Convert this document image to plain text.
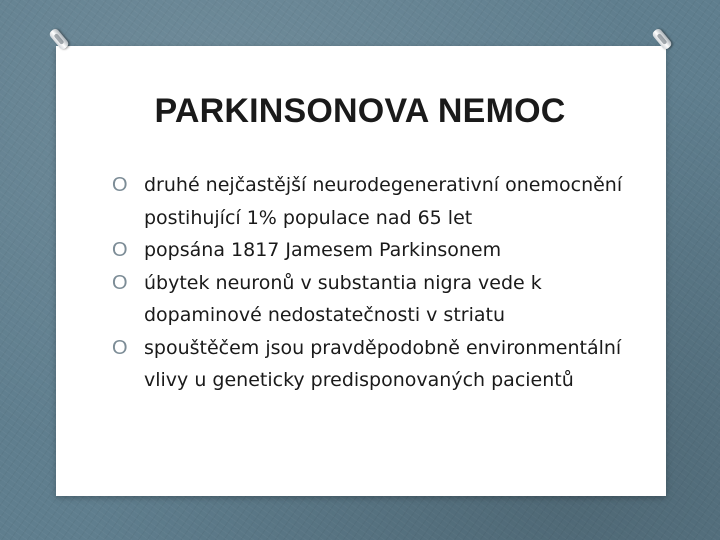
PARKINSONOVA NEMOC
O druhé nejčastější neurodegenerativní onemocnění postihující 1% populace nad 65 let
O popsána 1817 Jamesem Parkinsonem
O úbytek neuronů v substantia nigra vede k dopaminové nedostatečnosti v striatu
O spouštěčem jsou pravděpodobně environmentální vlivy u geneticky predisponovaných pacientů
